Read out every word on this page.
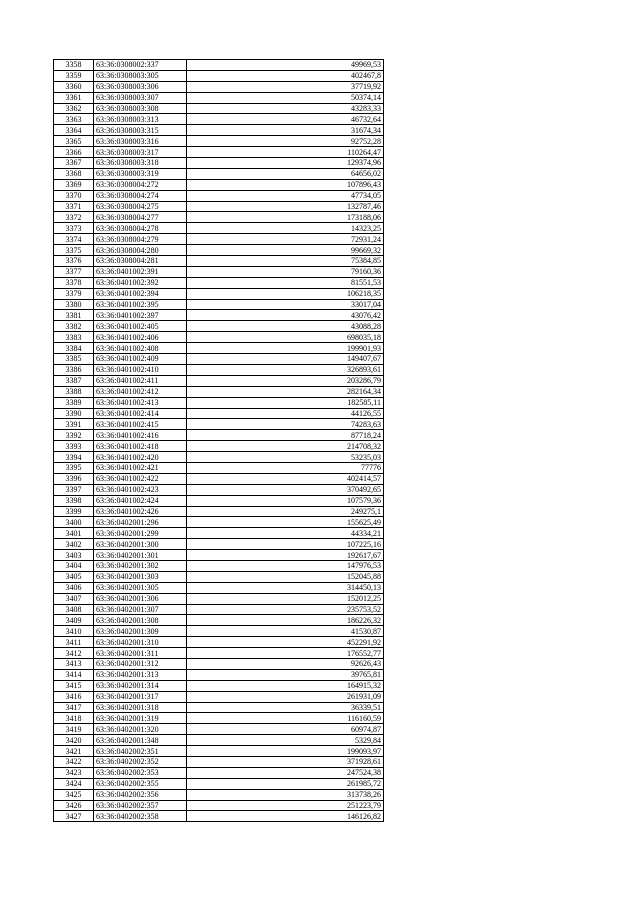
3358	63:36:0308002:337	49969,53
3359	63:36:0308003:305	402467,8
3360	63:36:0308003:306	37719,92
3361	63:36:0308003:307	50374,14
3362	63:36:0308003:308	43283,33
3363	63:36:0308003:313	46732,64
3364	63:36:0308003:315	31674,34
3365	63:36:0308003:316	92752,28
3366	63:36:0308003:317	110264,47
3367	63:36:0308003:318	129374,96
3368	63:36:0308003:319	64656,02
3369	63:36:0308004:272	107896,43
3370	63:36:0308004:274	47734,05
3371	63:36:0308004:275	132787,46
3372	63:36:0308004:277	173188,06
3373	63:36:0308004:278	14323,25
3374	63:36:0308004:279	72931,24
3375	63:36:0308004:280	99669,32
3376	63:36:0308004:281	75384,85
3377	63:36:0401002:391	79160,36
3378	63:36:0401002:392	81551,53
3379	63:36:0401002:394	106218,35
3380	63:36:0401002:395	33017,04
3381	63:36:0401002:397	43076,42
3382	63:36:0401002:405	43088,28
3383	63:36:0401002:406	698035,18
3384	63:36:0401002:408	199901,93
3385	63:36:0401002:409	149407,67
3386	63:36:0401002:410	326893,61
3387	63:36:0401002:411	203286,79
3388	63:36:0401002:412	282164,34
3389	63:36:0401002:413	182585,11
3390	63:36:0401002:414	44126,55
3391	63:36:0401002:415	74283,63
3392	63:36:0401002:416	87718,24
3393	63:36:0401002:418	214708,32
3394	63:36:0401002:420	53235,03
3395	63:36:0401002:421	77776
3396	63:36:0401002:422	402414,57
3397	63:36:0401002:423	370492,65
3398	63:36:0401002:424	107579,36
3399	63:36:0401002:426	249275,1
3400	63:36:0402001:296	155625,49
3401	63:36:0402001:299	44334,21
3402	63:36:0402001:300	107225,16
3403	63:36:0402001:301	192617,67
3404	63:36:0402001:302	147976,53
3405	63:36:0402001:303	152045,88
3406	63:36:0402001:305	314450,13
3407	63:36:0402001:306	152012,25
3408	63:36:0402001:307	235753,52
3409	63:36:0402001:308	186226,32
3410	63:36:0402001:309	41530,87
3411	63:36:0402001:310	452291,92
3412	63:36:0402001:311	176552,77
3413	63:36:0402001:312	92626,43
3414	63:36:0402001:313	39765,81
3415	63:36:0402001:314	164915,32
3416	63:36:0402001:317	261931,09
3417	63:36:0402001:318	36339,51
3418	63:36:0402001:319	116160,59
3419	63:36:0402001:320	60974,87
3420	63:36:0402001:348	5329,84
3421	63:36:0402002:351	199093,97
3422	63:36:0402002:352	371928,61
3423	63:36:0402002:353	247524,38
3424	63:36:0402002:355	261985,72
3425	63:36:0402002:356	313738,26
3426	63:36:0402002:357	251223,79
3427	63:36:0402002:358	146126,82
